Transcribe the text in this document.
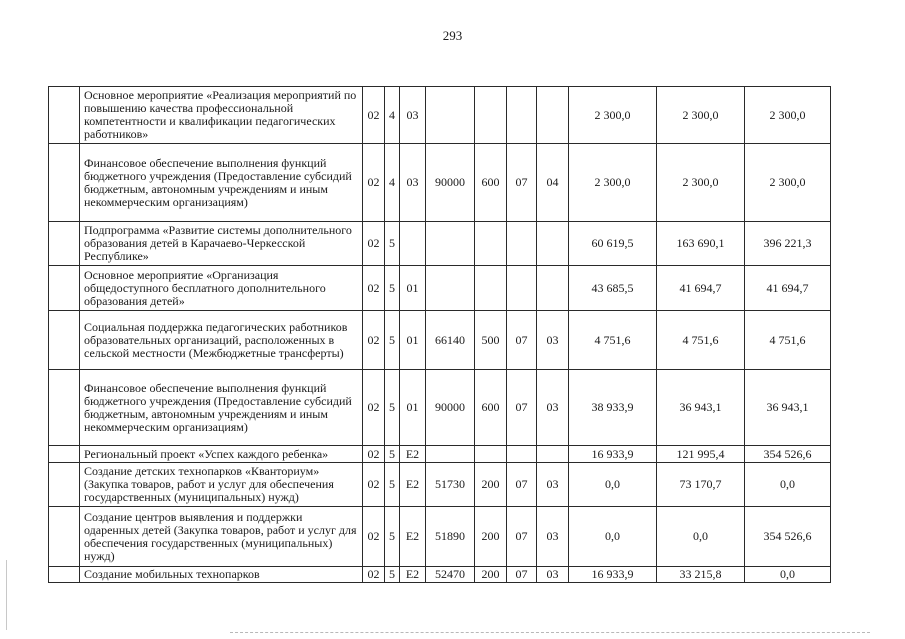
293
	Основное мероприятие «Реализация мероприятий по повышению качества профессиональной компетентности и квалификации педагогических работников»	02	4	03					2 300,0	2 300,0	2 300,0
	Финансовое обеспечение выполнения функций бюджетного учреждения (Предоставление субсидий бюджетным, автономным учреждениям и иным некоммерческим организациям)	02	4	03	90000	600	07	04	2 300,0	2 300,0	2 300,0
	Подпрограмма «Развитие системы дополнительного образования детей в Карачаево-Черкесской Республике»	02	5						60 619,5	163 690,1	396 221,3
	Основное мероприятие «Организация общедоступного бесплатного дополнительного образования детей»	02	5	01					43 685,5	41 694,7	41 694,7
	Социальная поддержка педагогических работников образовательных организаций, расположенных в сельской местности (Межбюджетные трансферты)	02	5	01	66140	500	07	03	4 751,6	4 751,6	4 751,6
	Финансовое обеспечение выполнения функций бюджетного учреждения (Предоставление субсидий бюджетным, автономным учреждениям и иным некоммерческим организациям)	02	5	01	90000	600	07	03	38 933,9	36 943,1	36 943,1
	Региональный проект «Успех каждого ребенка»	02	5	Е2					16 933,9	121 995,4	354 526,6
	Создание детских технопарков «Кванториум» (Закупка товаров, работ и услуг для обеспечения государственных (муниципальных) нужд)	02	5	Е2	51730	200	07	03	0,0	73 170,7	0,0
	Создание центров выявления и поддержки одаренных детей (Закупка товаров, работ и услуг для обеспечения государственных (муниципальных) нужд)	02	5	Е2	51890	200	07	03	0,0	0,0	354 526,6
	Создание мобильных технопарков	02	5	Е2	52470	200	07	03	16 933,9	33 215,8	0,0
